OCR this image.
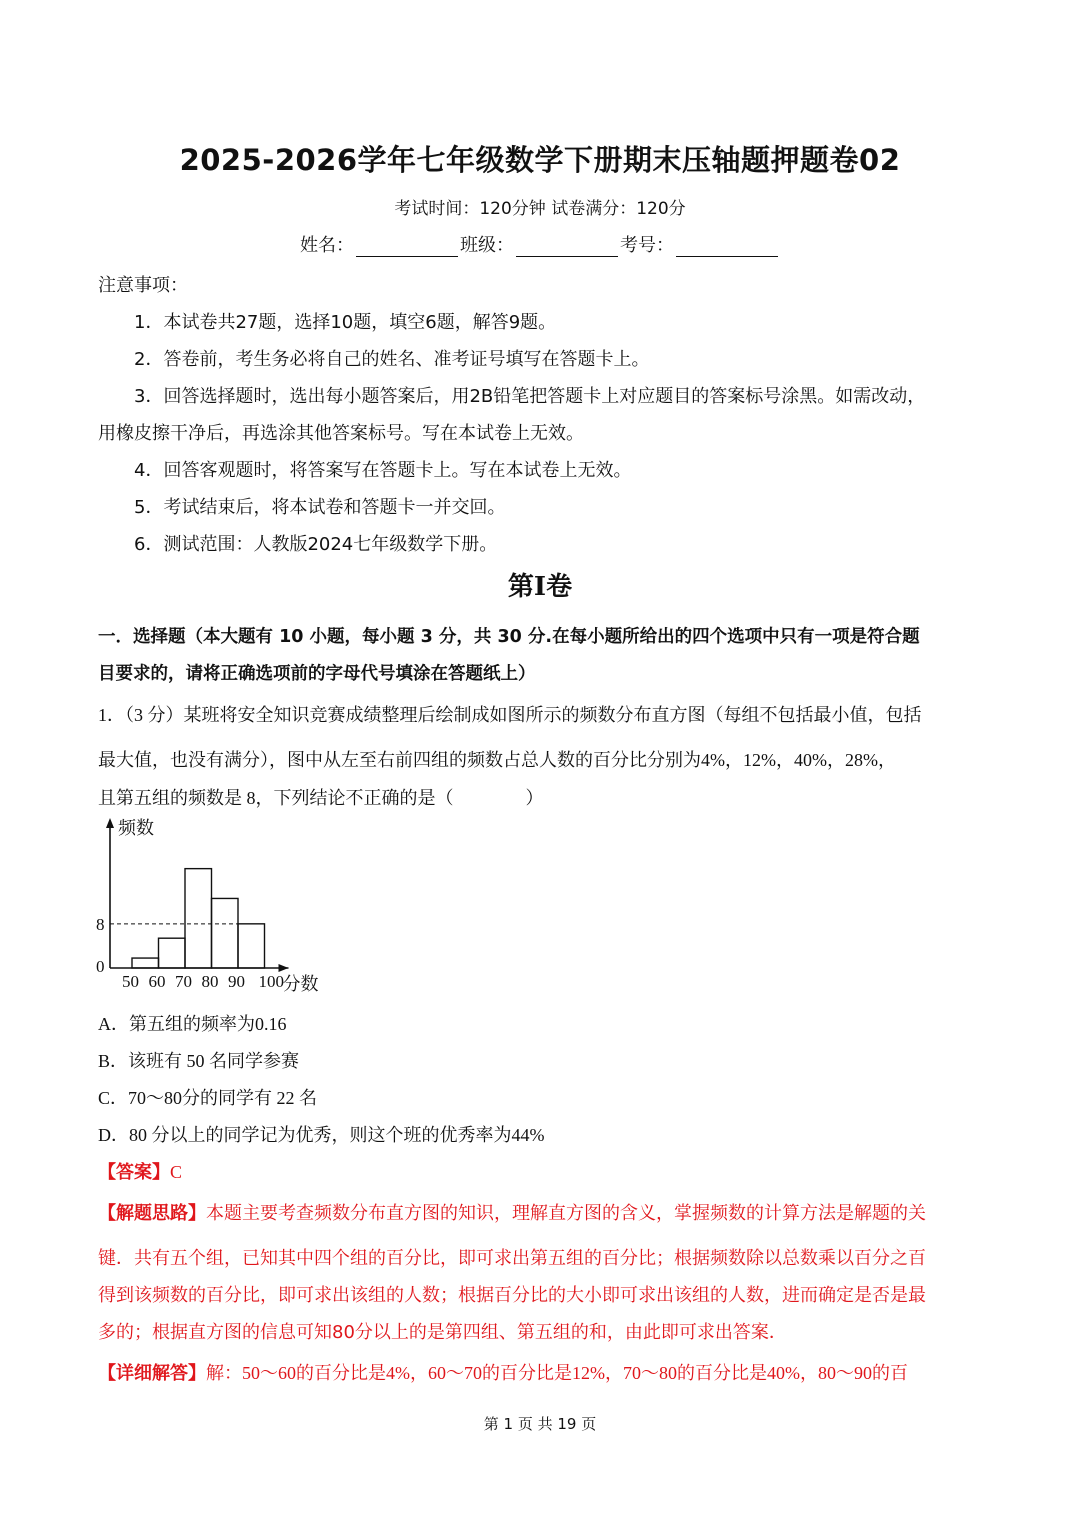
2025-2026学年七年级数学下册期末压轴题押题卷02
考试时间：120分钟 试卷满分：120分
姓名：	班级：	考号：
注意事项：
1．本试卷共27题，选择10题，填空6题，解答9题。
2．答卷前，考生务必将自己的姓名、准考证号填写在答题卡上。
3．回答选择题时，选出每小题答案后，用2B铅笔把答题卡上对应题目的答案标号涂黑。如需改动，
用橡皮擦干净后，再选涂其他答案标号。写在本试卷上无效。
4．回答客观题时，将答案写在答题卡上。写在本试卷上无效。
5．考试结束后，将本试卷和答题卡一并交回。
6．测试范围：人教版2024七年级数学下册。
第I卷
一．选择题（本大题有 10 小题，每小题 3 分，共 30 分.在每小题所给出的四个选项中只有一项是符合题
目要求的，请将正确选项前的字母代号填涂在答题纸上）
1．（3 分）某班将安全知识竞赛成绩整理后绘制成如图所示的频数分布直方图（每组不包括最小值，包括
最大值，也没有满分），图中从左至右前四组的频数占总人数的百分比分别为4%，12%，40%，28%，
且第五组的频数是 8，下列结论不正确的是（　　　　）
0
8
50 60 70 80 90 100
频数
分数
A．第五组的频率为0.16
B．该班有 50 名同学参赛
C．70～80分的同学有 22 名
D．80 分以上的同学记为优秀，则这个班的优秀率为44%
【答案】C
【解题思路】本题主要考查频数分布直方图的知识，理解直方图的含义，掌握频数的计算方法是解题的关
键．共有五个组，已知其中四个组的百分比，即可求出第五组的百分比；根据频数除以总数乘以百分之百
得到该频数的百分比，即可求出该组的人数；根据百分比的大小即可求出该组的人数，进而确定是否是最
多的；根据直方图的信息可知80分以上的是第四组、第五组的和，由此即可求出答案．
【详细解答】解：50～60的百分比是4%，60～70的百分比是12%，70～80的百分比是40%，80～90的百
第 1 页 共 19 页
